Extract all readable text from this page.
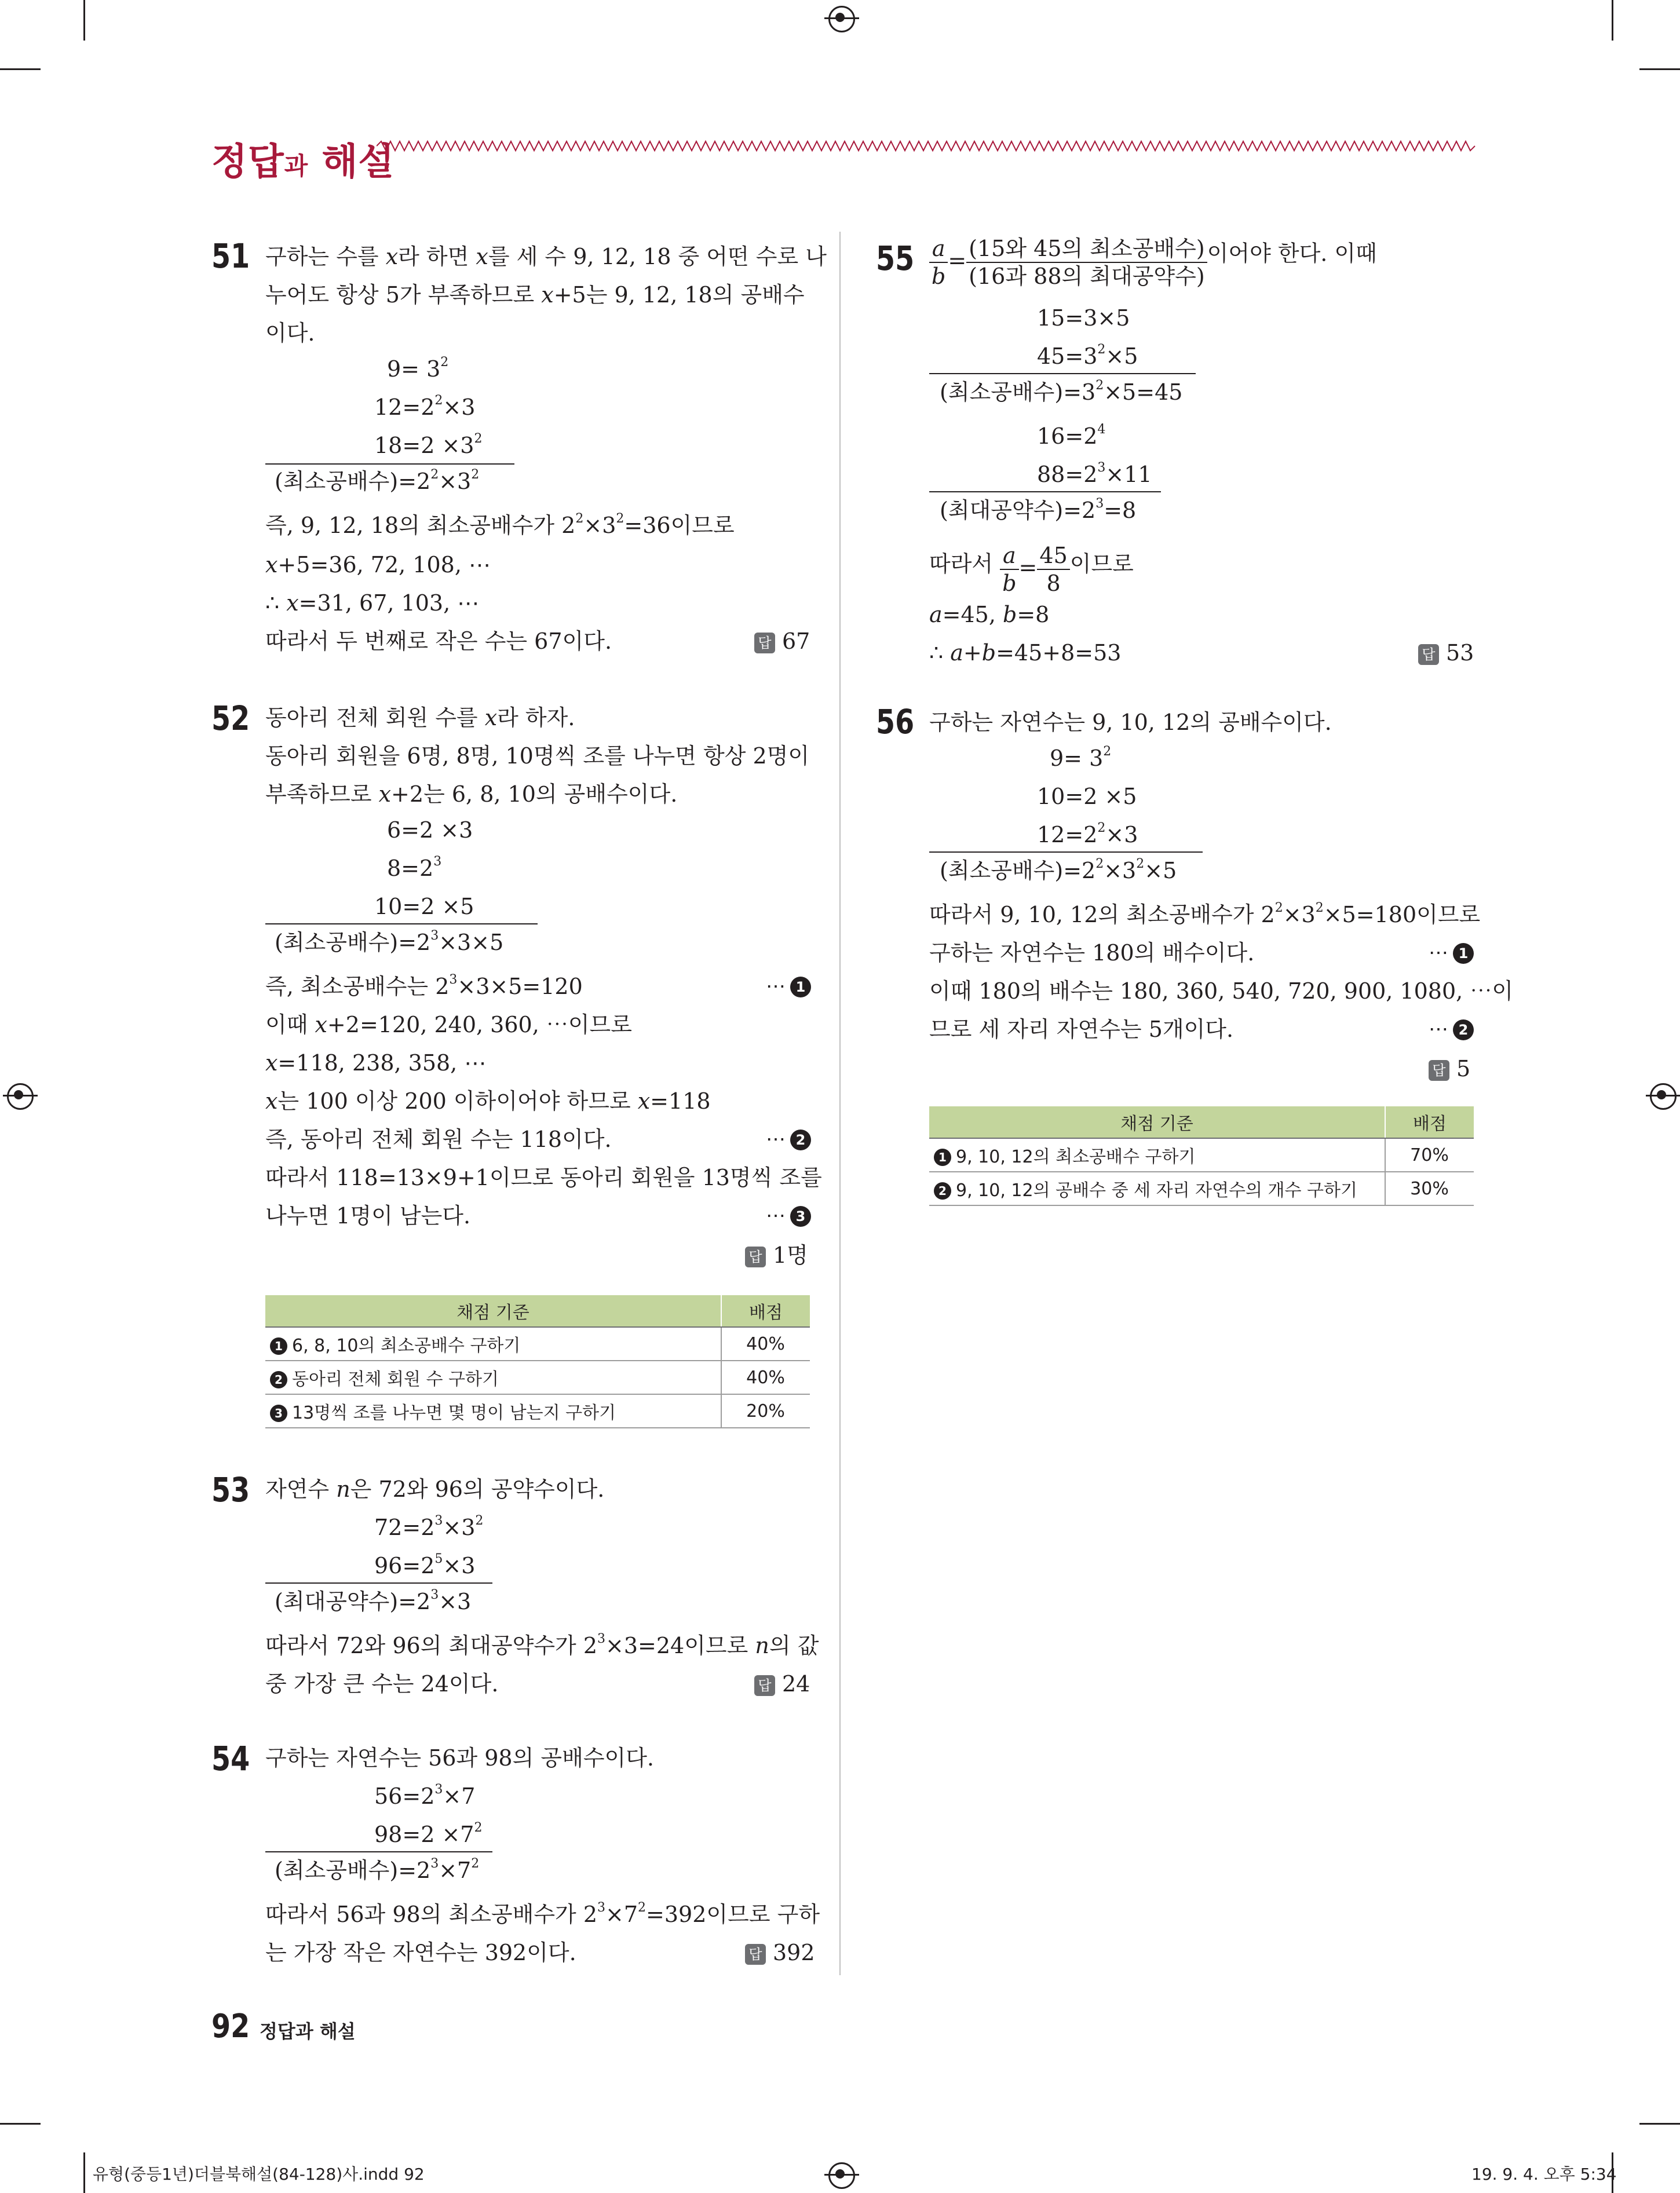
정답과 해설
51 구하는 수를 𝑥라 하면 𝑥를 세 수 9, 12, 18 중 어떤 수로 나
누어도 항상 5가 부족하므로 𝑥+5는 9, 12, 18의 공배수
이다.
$9= 3^2$
$12=2^2\times 3$
$18=2 \times 3^2$
(최소공배수)$=2^2\times 3^2$
즉, 9, 12, 18의 최소공배수가 $2^2\times 3^2=36$이므로
𝑥+5=36, 72, 108, ⋯
∴ 𝑥=31, 67, 103, ⋯
따라서 두 번째로 작은 수는 67이다.	답 67
52 동아리 전체 회원 수를 𝑥라 하자.
동아리 회원을 6명, 8명, 10명씩 조를 나누면 항상 2명이
부족하므로 𝑥+2는 6, 8, 10의 공배수이다.
6=2 ×3
$8=2^3$
10=2 ×5
(최소공배수)$=2^3\times 3\times 5$
즉, 최소공배수는 $2^3\times 3\times 5=120$	⋯ 1
이때 𝑥+2=120, 240, 360, ⋯이므로
𝑥=118, 238, 358, ⋯
𝑥는 100 이상 200 이하이어야 하므로 𝑥=118
즉, 동아리 전체 회원 수는 118이다.	⋯ 2
따라서 118=13×9+1이므로 동아리 회원을 13명씩 조를
나누면 1명이 남는다.	⋯ 3
답 1명
채점 기준	배점
1 6, 8, 10의 최소공배수 구하기	40%
2 동아리 전체 회원 수 구하기	40%
3 13명씩 조를 나누면 몇 명이 남는지 구하기	20%
53 자연수 𝑛은 72와 96의 공약수이다.
$72=2^3\times 3^2$
$96=2^5\times 3$
(최대공약수)$=2^3\times 3$
따라서 72와 96의 최대공약수가 $2^3\times 3=24$이므로 n의 값
중 가장 큰 수는 24이다.	답 24
54 구하는 자연수는 56과 98의 공배수이다.
$56=2^3\times 7$
$98=2 \times 7^2$
(최소공배수)$=2^3\times 7^2$
따라서 56과 98의 최소공배수가 $2^3\times 7^2=392$이므로 구하
는 가장 작은 자연수는 392이다.	답 392
$55 \frac{a}{b} = \frac{\text{(15와 45의 최소공배수)}}{\text{(16과 88의 최대공약수)}}$ 이어야 한다. 이때
15=3×5
$45=3^2\times 5$
(최소공배수)$=3^2\times 5=45$
$16=2^4$
$88=2^3\times 11$
(최대공약수)$=2^3=8$
따라서 $\frac{a}{b} = \frac{45}{8}$ 이므로
𝑎=45, 𝑏=8
∴ 𝑎+𝑏=45+8=53	답 53
56 구하는 자연수는 9, 10, 12의 공배수이다.
$9= 3^2$
10=2 ×5
$12=2^2\times 3$
(최소공배수)$=2^2\times 3^2\times 5$
따라서 9, 10, 12의 최소공배수가 $2^2\times 3^2\times 5=180$이므로
구하는 자연수는 180의 배수이다.	⋯ 1
이때 180의 배수는 180, 360, 540, 720, 900, 1080, ⋯이
므로 세 자리 자연수는 5개이다.	⋯ 2
답 5
채점 기준	배점
1 9, 10, 12의 최소공배수 구하기	70%
2 9, 10, 12의 공배수 중 세 자리 자연수의 개수 구하기	30%
92 정답과 해설
유형(중등1년)더블북해설(84-128)사.indd 92	19. 9. 4. 오후 5:34
